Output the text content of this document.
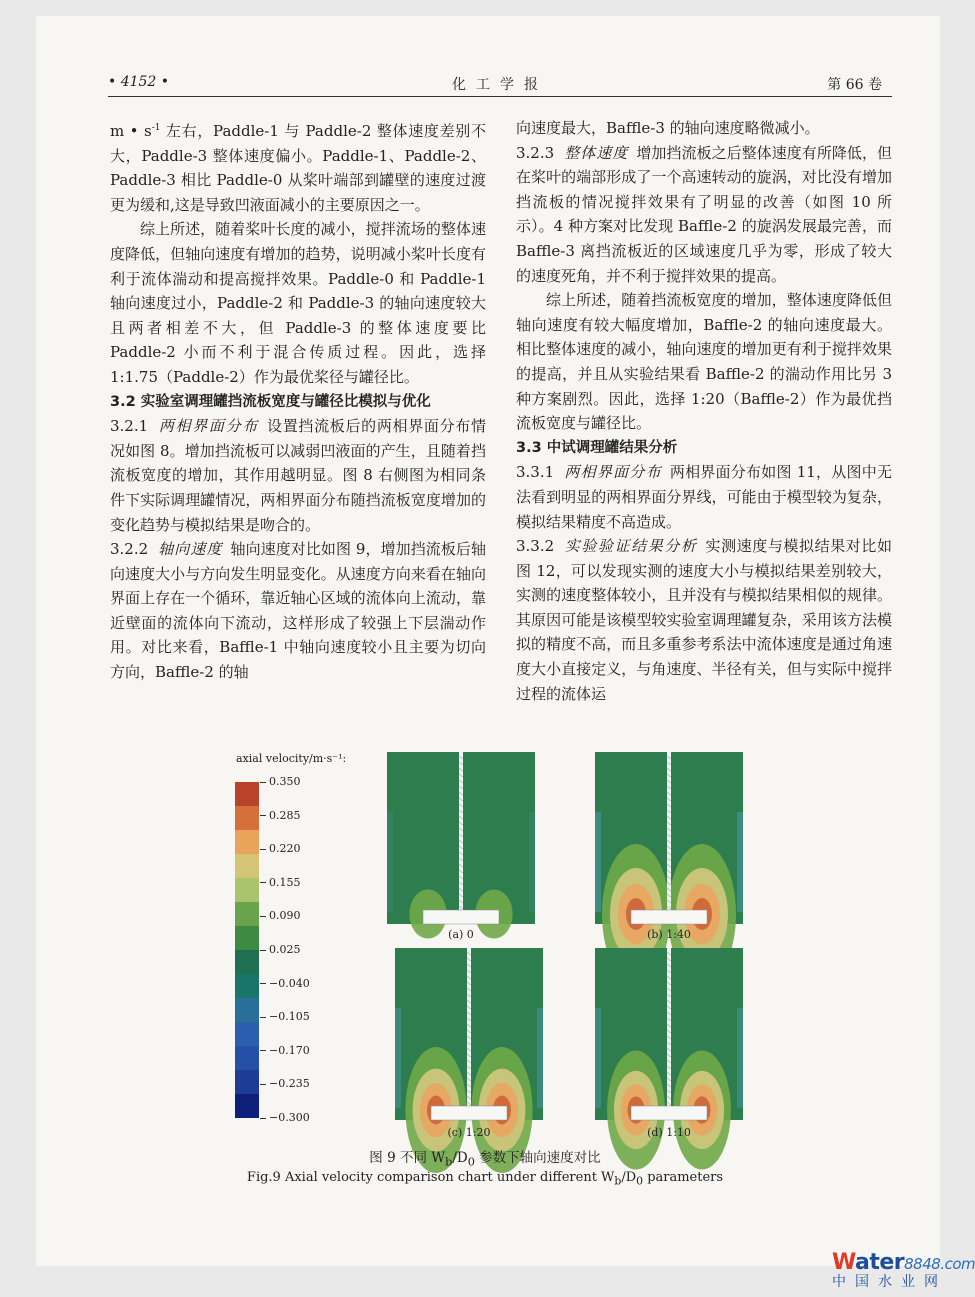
• 4152 •	化工学报	第 66 卷

m • $s^{-1}$ 左右，Paddle-1 与 Paddle-2 整体速度差别不大，Paddle-3 整体速度偏小。Paddle-1、Paddle-2、Paddle-3 相比 Paddle-0 从桨叶端部到罐壁的速度过渡更为缓和,这是导致凹液面减小的主要原因之一。

综上所述，随着桨叶长度的减小，搅拌流场的整体速度降低，但轴向速度有增加的趋势，说明减小桨叶长度有利于流体湍动和提高搅拌效果。Paddle-0 和 Paddle-1 轴向速度过小，Paddle-2 和 Paddle-3 的轴向速度较大且两者相差不大，但 Paddle-3 的整体速度要比 Paddle-2 小而不利于混合传质过程。因此，选择 1:1.75（Paddle-2）作为最优桨径与罐径比。

3.2 实验室调理罐挡流板宽度与罐径比模拟与优化

3.2.1 两相界面分布 设置挡流板后的两相界面分布情况如图 8。增加挡流板可以减弱凹液面的产生，且随着挡流板宽度的增加，其作用越明显。图 8 右侧图为相同条件下实际调理罐情况，两相界面分布随挡流板宽度增加的变化趋势与模拟结果是吻合的。

3.2.2 轴向速度 轴向速度对比如图 9，增加挡流板后轴向速度大小与方向发生明显变化。从速度方向来看在轴向界面上存在一个循环，靠近轴心区域的流体向上流动，靠近壁面的流体向下流动，这样形成了较强上下层湍动作用。对比来看，Baffle-1 中轴向速度较小且主要为切向方向，Baffle-2 的轴

向速度最大，Baffle-3 的轴向速度略微减小。

3.2.3 整体速度 增加挡流板之后整体速度有所降低，但在桨叶的端部形成了一个高速转动的旋涡，对比没有增加挡流板的情况搅拌效果有了明显的改善（如图 10 所示）。4 种方案对比发现 Baffle-2 的旋涡发展最完善，而 Baffle-3 离挡流板近的区域速度几乎为零，形成了较大的速度死角，并不利于搅拌效果的提高。

综上所述，随着挡流板宽度的增加，整体速度降低但轴向速度有较大幅度增加，Baffle-2 的轴向速度最大。相比整体速度的减小，轴向速度的增加更有利于搅拌效果的提高，并且从实验结果看 Baffle-2 的湍动作用比另 3 种方案剧烈。因此，选择 1:20（Baffle-2）作为最优挡流板宽度与罐径比。

3.3 中试调理罐结果分析

3.3.1 两相界面分布 两相界面分布如图 11，从图中无法看到明显的两相界面分界线，可能由于模型较为复杂，模拟结果精度不高造成。

3.3.2 实验验证结果分析 实测速度与模拟结果对比如图 12，可以发现实测的速度大小与模拟结果差别较大，实测的速度整体较小，且并没有与模拟结果相似的规律。其原因可能是该模型较实验室调理罐复杂，采用该方法模拟的精度不高，而且多重参考系法中流体速度是通过角速度大小直接定义，与角速度、半径有关，但与实际中搅拌过程的流体运

axial velocity/m·s⁻¹:
0.350
0.285
0.220
0.155
0.090
0.025
−0.040
−0.105
−0.170
−0.235
−0.300
(a) 0	(b) 1:40
(c) 1:20	(d) 1:10
图 9 不同 $W_b/D_0$ 参数下轴向速度对比
Fig.9 Axial velocity comparison chart under different $W_b/D_0$ parameters
Water8848.com
中国水业网
